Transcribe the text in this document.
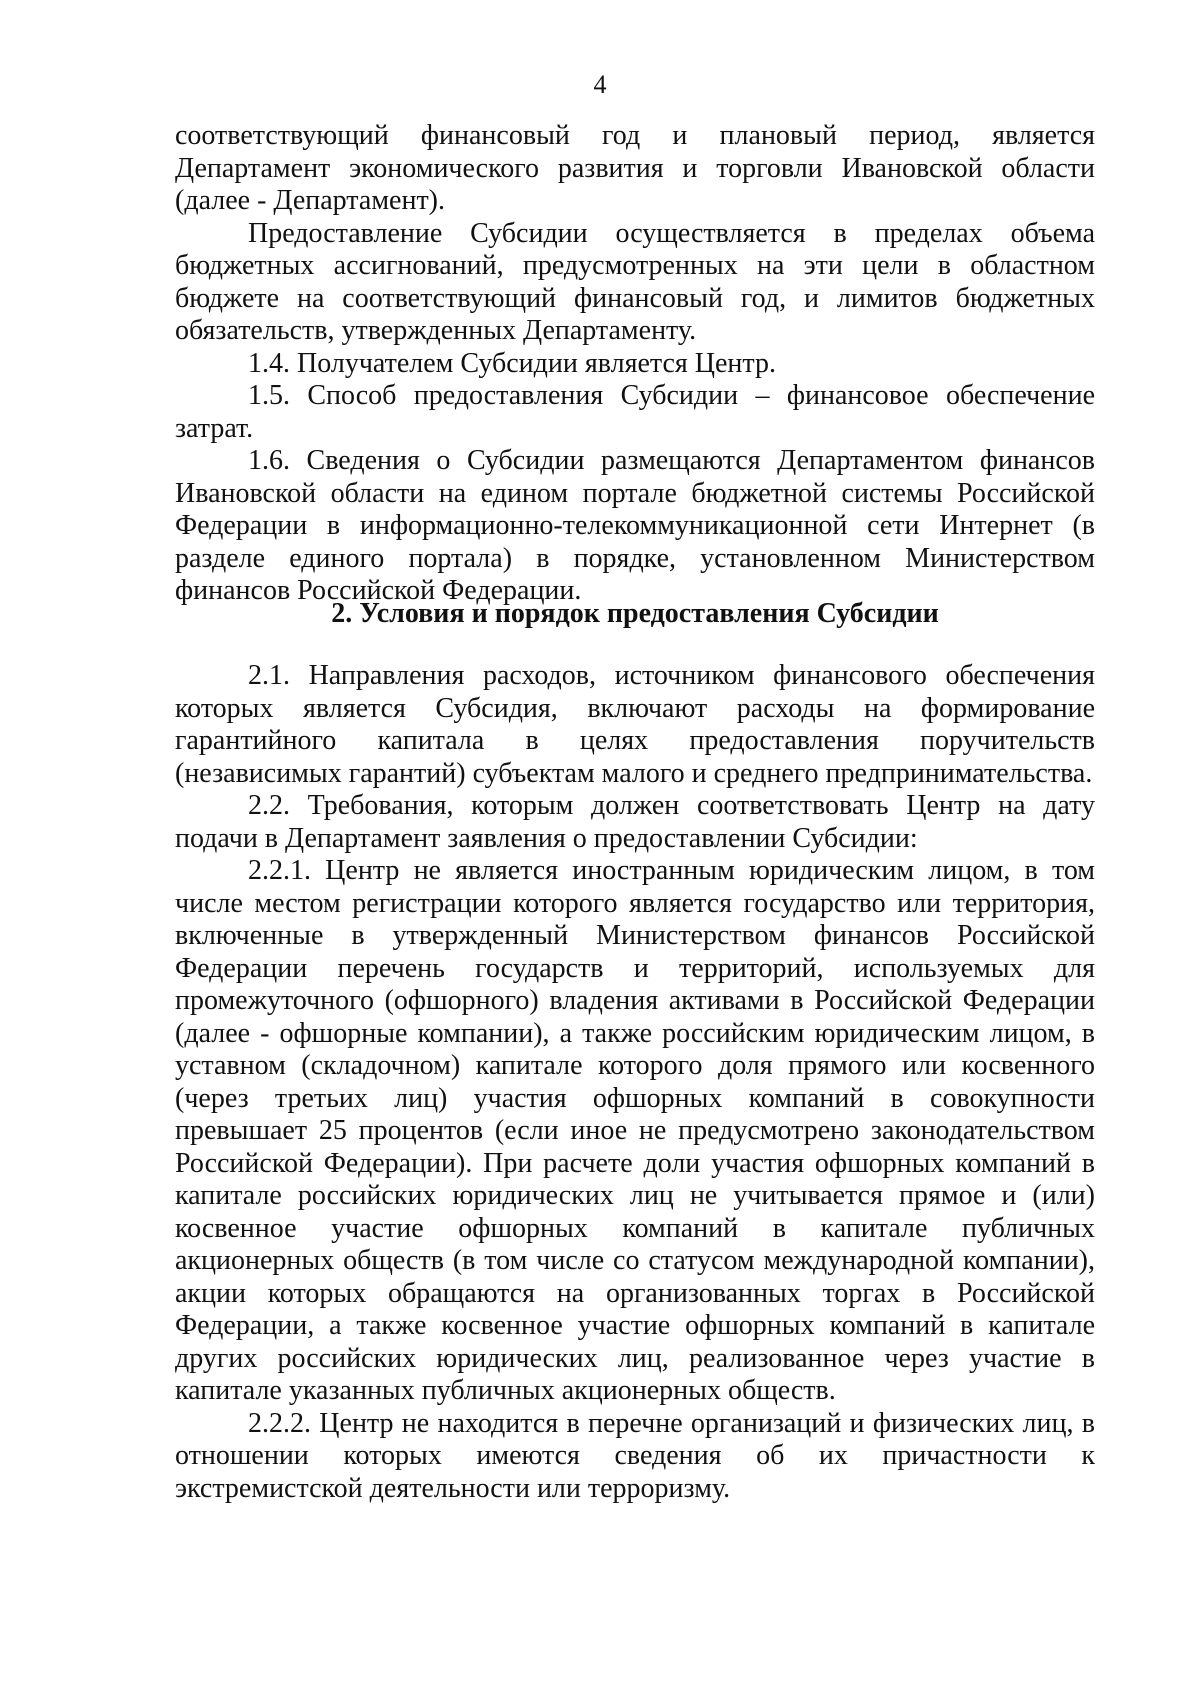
4

соответствующий финансовый год и плановый период, является Департамент экономического развития и торговли Ивановской области (далее - Департамент).

Предоставление Субсидии осуществляется в пределах объема бюджетных ассигнований, предусмотренных на эти цели в областном бюджете на соответствующий финансовый год, и лимитов бюджетных обязательств, утвержденных Департаменту.

1.4. Получателем Субсидии является Центр.

1.5. Способ предоставления Субсидии – финансовое обеспечение затрат.

1.6. Сведения о Субсидии размещаются Департаментом финансов Ивановской области на едином портале бюджетной системы Российской Федерации в информационно-телекоммуникационной сети Интернет (в разделе единого портала) в порядке, установленном Министерством финансов Российской Федерации.

2. Условия и порядок предоставления Субсидии

2.1. Направления расходов, источником финансового обеспечения которых является Субсидия, включают расходы на формирование гарантийного капитала в целях предоставления поручительств (независимых гарантий) субъектам малого и среднего предпринимательства.

2.2. Требования, которым должен соответствовать Центр на дату подачи в Департамент заявления о предоставлении Субсидии:

2.2.1. Центр не является иностранным юридическим лицом, в том числе местом регистрации которого является государство или территория, включенные в утвержденный Министерством финансов Российской Федерации перечень государств и территорий, используемых для промежуточного (офшорного) владения активами в Российской Федерации (далее - офшорные компании), а также российским юридическим лицом, в уставном (складочном) капитале которого доля прямого или косвенного (через третьих лиц) участия офшорных компаний в совокупности превышает 25 процентов (если иное не предусмотрено законодательством Российской Федерации). При расчете доли участия офшорных компаний в капитале российских юридических лиц не учитывается прямое и (или) косвенное участие офшорных компаний в капитале публичных акционерных обществ (в том числе со статусом международной компании), акции которых обращаются на организованных торгах в Российской Федерации, а также косвенное участие офшорных компаний в капитале других российских юридических лиц, реализованное через участие в капитале указанных публичных акционерных обществ.

2.2.2. Центр не находится в перечне организаций и физических лиц, в отношении которых имеются сведения об их причастности к экстремистской деятельности или терроризму.
